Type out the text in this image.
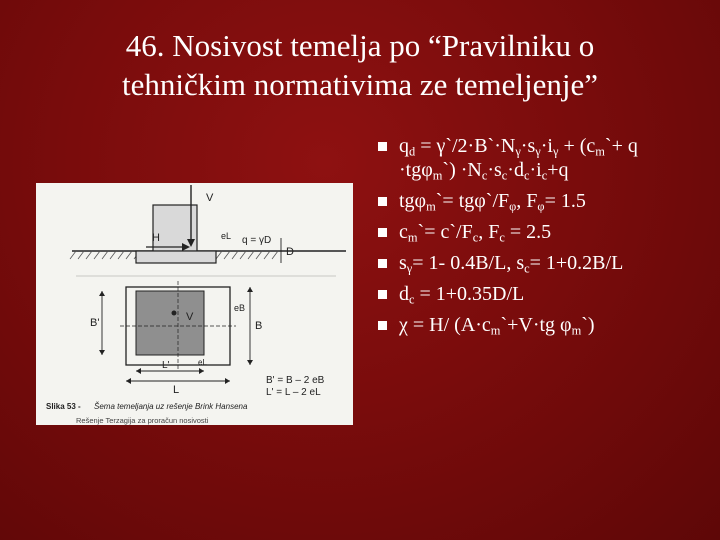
46. Nosivost temelja po “Pravilniku o
tehničkim normativima ze temeljenje”
V
H	eL q = γD
D
V
B'
eB
B
L'	eL
L
B' = B – 2 eB
L' = L – 2 eL
Slika 53 - Šema temeljanja uz rešenje Brink Hansena
Rešenje Terzagija za proračun nosivosti
$q_d$ = $\gamma`/2\cdot B`\cdot N_\gamma\cdot s_\gamma\cdot i_\gamma$ + ($c_m`+ q$
·tgφ$_m$`) $\cdot N_c\cdot s_c\cdot d_c\cdot i_c+q$
tgφ$_m$`= $tg\varphi`/F_\varphi$, $F_\varphi= 1.5$
$c_m`=$ $c`/F_c$, $F_c = 2.5$
$s_\gamma= 1-$ 0.4B/L, $s_c= 1+0.2B/L$
$d_c = 1+0.35D/L$
χ = H/ ($A\cdot c_m`+V\cdot tg$ $\varphi_m`$)
